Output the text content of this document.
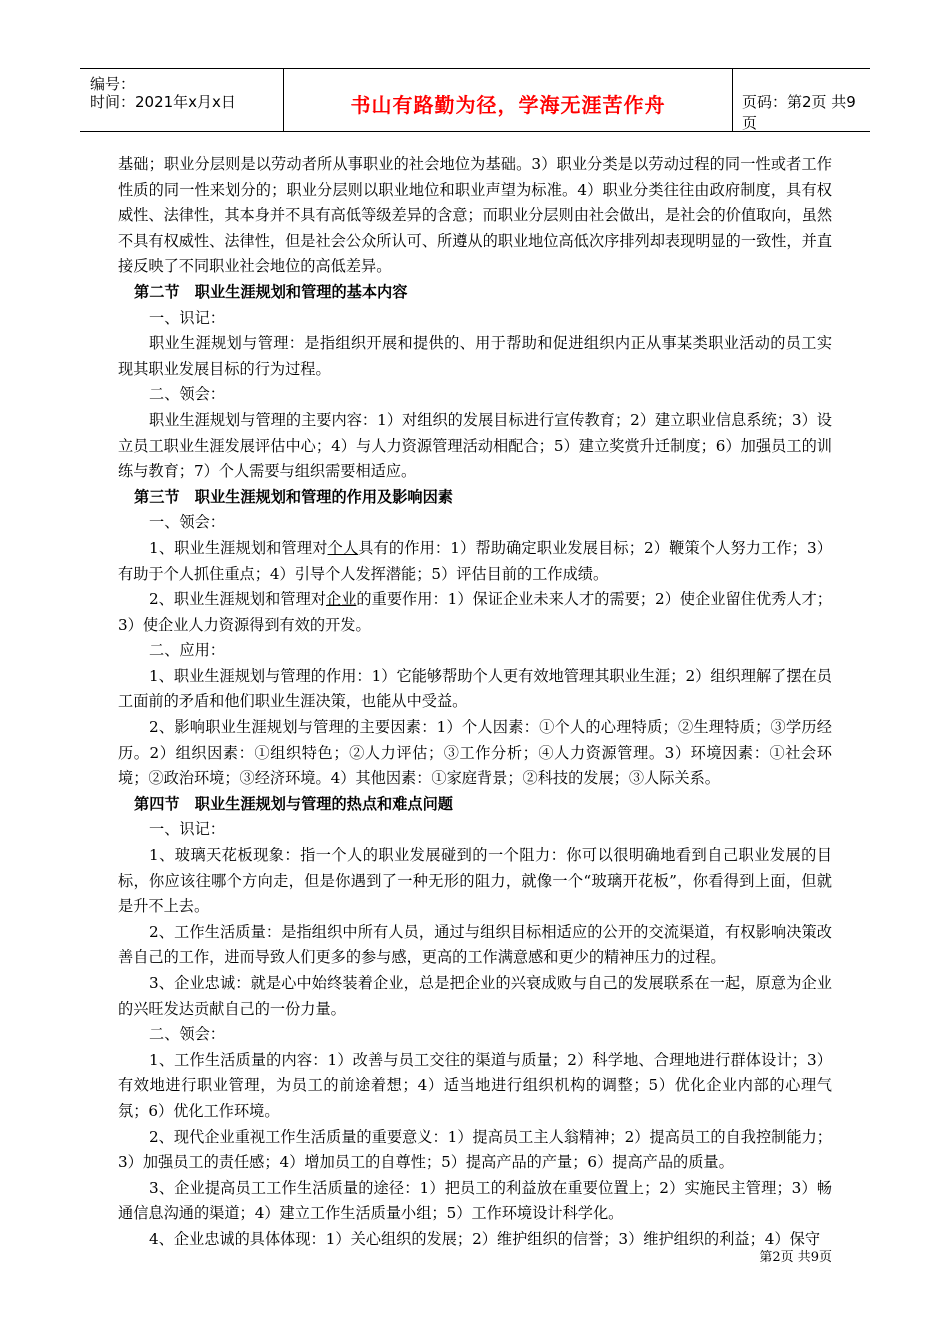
编号：
时间：2021年x月x日	书山有路勤为径，学海无涯苦作舟	页码：第2页 共9页

基础；职业分层则是以劳动者所从事职业的社会地位为基础。3）职业分类是以劳动过程的同一性或者工作性质的同一性来划分的；职业分层则以职业地位和职业声望为标准。4）职业分类往往由政府制度，具有权威性、法律性，其本身并不具有高低等级差异的含意；而职业分层则由社会做出，是社会的价值取向，虽然不具有权威性、法律性，但是社会公众所认可、所遵从的职业地位高低次序排列却表现明显的一致性，并直接反映了不同职业社会地位的高低差异。

第二节　职业生涯规划和管理的基本内容

一、识记：

职业生涯规划与管理：是指组织开展和提供的、用于帮助和促进组织内正从事某类职业活动的员工实现其职业发展目标的行为过程。

二、领会：

职业生涯规划与管理的主要内容：1）对组织的发展目标进行宣传教育；2）建立职业信息系统；3）设立员工职业生涯发展评估中心；4）与人力资源管理活动相配合；5）建立奖赏升迁制度；6）加强员工的训练与教育；7）个人需要与组织需要相适应。

第三节　职业生涯规划和管理的作用及影响因素

一、领会：

1、职业生涯规划和管理对个人具有的作用：1）帮助确定职业发展目标；2）鞭策个人努力工作；3）有助于个人抓住重点；4）引导个人发挥潜能；5）评估目前的工作成绩。

2、职业生涯规划和管理对企业的重要作用：1）保证企业未来人才的需要；2）使企业留住优秀人才；3）使企业人力资源得到有效的开发。

二、应用：

1、职业生涯规划与管理的作用：1）它能够帮助个人更有效地管理其职业生涯；2）组织理解了摆在员工面前的矛盾和他们职业生涯决策，也能从中受益。

2、影响职业生涯规划与管理的主要因素：1）个人因素：①个人的心理特质；②生理特质；③学历经历。2）组织因素：①组织特色；②人力评估；③工作分析；④人力资源管理。3）环境因素：①社会环境；②政治环境；③经济环境。4）其他因素：①家庭背景；②科技的发展；③人际关系。

第四节　职业生涯规划与管理的热点和难点问题

一、识记：

1、玻璃天花板现象：指一个人的职业发展碰到的一个阻力：你可以很明确地看到自己职业发展的目标，你应该往哪个方向走，但是你遇到了一种无形的阻力，就像一个“玻璃开花板”，你看得到上面，但就是升不上去。

2、工作生活质量：是指组织中所有人员，通过与组织目标相适应的公开的交流渠道，有权影响决策改善自己的工作，进而导致人们更多的参与感，更高的工作满意感和更少的精神压力的过程。

3、企业忠诚：就是心中始终装着企业，总是把企业的兴衰成败与自己的发展联系在一起，原意为企业的兴旺发达贡献自己的一份力量。

二、领会：

1、工作生活质量的内容：1）改善与员工交往的渠道与质量；2）科学地、合理地进行群体设计；3）有效地进行职业管理，为员工的前途着想；4）适当地进行组织机构的调整；5）优化企业内部的心理气氛；6）优化工作环境。

2、现代企业重视工作生活质量的重要意义：1）提高员工主人翁精神；2）提高员工的自我控制能力；3）加强员工的责任感；4）增加员工的自尊性；5）提高产品的产量；6）提高产品的质量。

3、企业提高员工工作生活质量的途径：1）把员工的利益放在重要位置上；2）实施民主管理；3）畅通信息沟通的渠道；4）建立工作生活质量小组；5）工作环境设计科学化。

4、企业忠诚的具体体现：1）关心组织的发展；2）维护组织的信誉；3）维护组织的利益；4）保守

第2页 共9页
